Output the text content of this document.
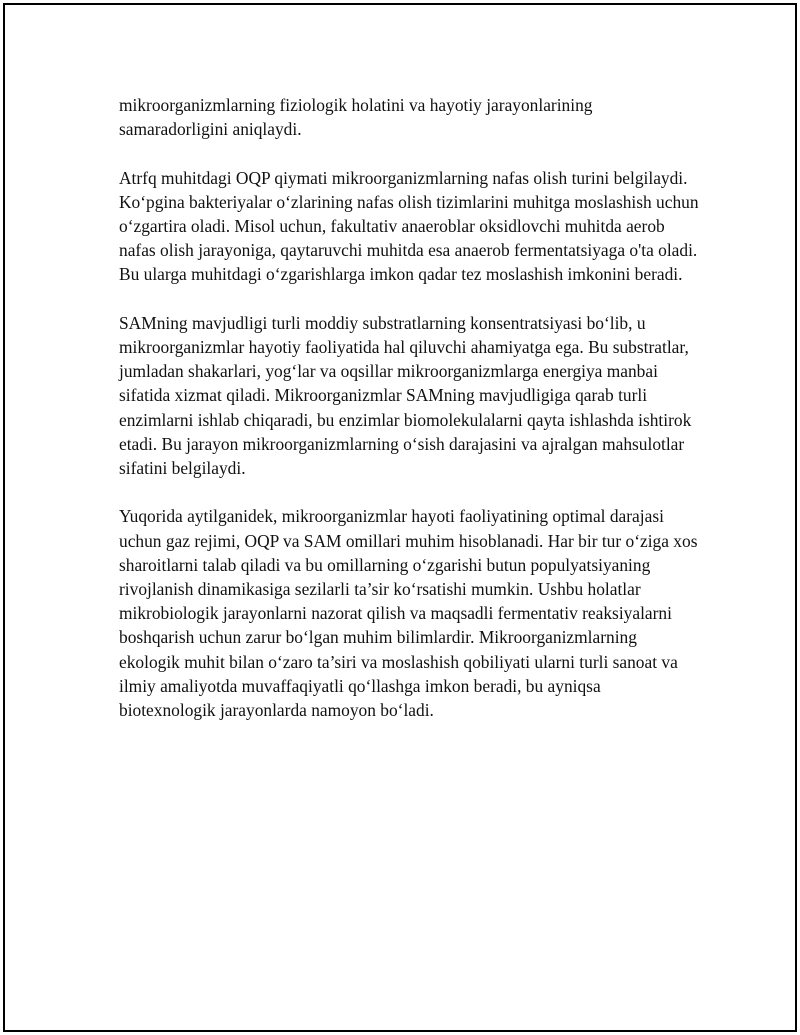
mikroorganizmlarning fiziologik holatini va hayotiy jarayonlarining samaradorligini aniqlaydi.

Atrfq muhitdagi OQP qiymati mikroorganizmlarning nafas olish turini belgilaydi. Ko‘pgina bakteriyalar o‘zlarining nafas olish tizimlarini muhitga moslashish uchun o‘zgartira oladi. Misol uchun, fakultativ anaeroblar oksidlovchi muhitda aerob nafas olish jarayoniga, qaytaruvchi muhitda esa anaerob fermentatsiyaga o'ta oladi. Bu ularga muhitdagi o‘zgarishlarga imkon qadar tez moslashish imkonini beradi.

SAMning mavjudligi turli moddiy substratlarning konsentratsiyasi bo‘lib, u mikroorganizmlar hayotiy faoliyatida hal qiluvchi ahamiyatga ega. Bu substratlar, jumladan shakarlari, yog‘lar va oqsillar mikroorganizmlarga energiya manbai sifatida xizmat qiladi. Mikroorganizmlar SAMning mavjudligiga qarab turli enzimlarni ishlab chiqaradi, bu enzimlar biomolekulalarni qayta ishlashda ishtirok etadi. Bu jarayon mikroorganizmlarning o‘sish darajasini va ajralgan mahsulotlar sifatini belgilaydi.

Yuqorida aytilganidek, mikroorganizmlar hayoti faoliyatining optimal darajasi uchun gaz rejimi, OQP va SAM omillari muhim hisoblanadi. Har bir tur o‘ziga xos sharoitlarni talab qiladi va bu omillarning o‘zgarishi butun populyatsiyaning rivojlanish dinamikasiga sezilarli ta’sir ko‘rsatishi mumkin. Ushbu holatlar mikrobiologik jarayonlarni nazorat qilish va maqsadli fermentativ reaksiyalarni boshqarish uchun zarur bo‘lgan muhim bilimlardir. Mikroorganizmlarning ekologik muhit bilan o‘zaro ta’siri va moslashish qobiliyati ularni turli sanoat va ilmiy amaliyotda muvaffaqiyatli qo‘llashga imkon beradi, bu ayniqsa biotexnologik jarayonlarda namoyon bo‘ladi.
